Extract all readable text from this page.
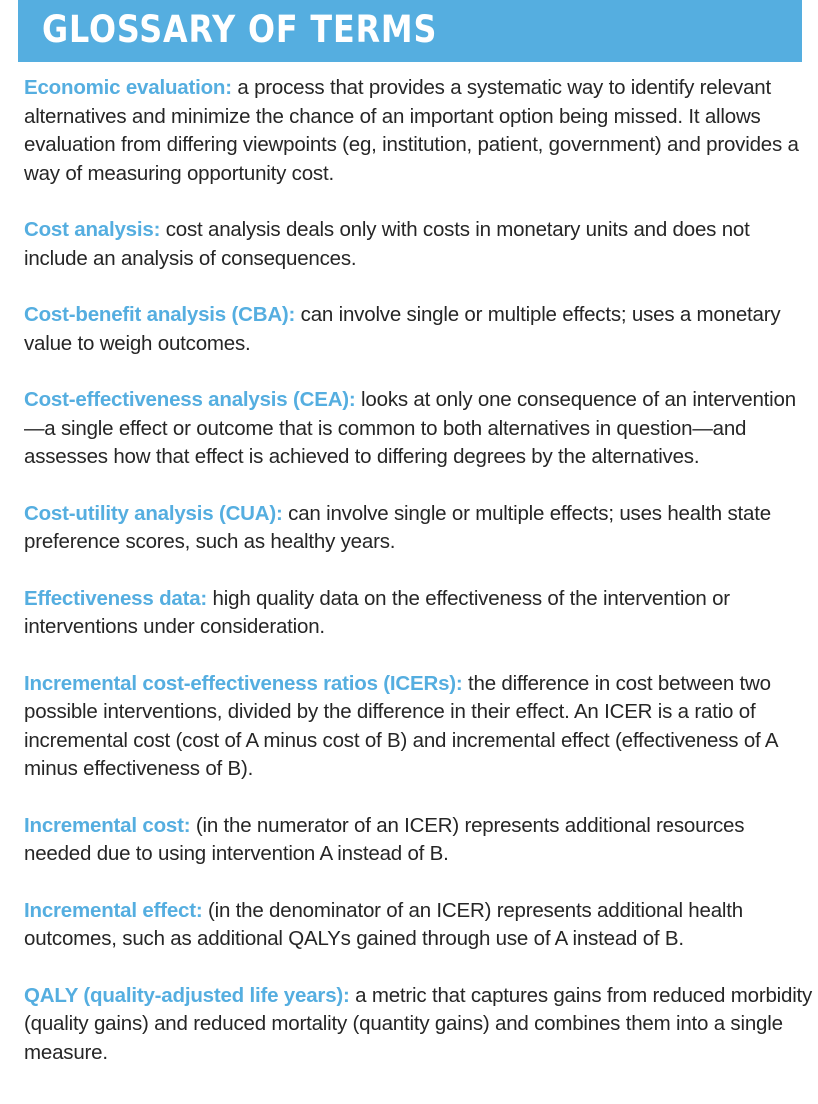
GLOSSARY OF TERMS

Economic evaluation: a process that provides a systematic way to identify relevant alternatives and minimize the chance of an important option being missed. It allows evaluation from differing viewpoints (eg, institution, patient, government) and provides a way of measuring opportunity cost.

Cost analysis: cost analysis deals only with costs in monetary units and does not include an analysis of consequences.

Cost-benefit analysis (CBA): can involve single or multiple effects; uses a monetary value to weigh outcomes.

Cost-effectiveness analysis (CEA): looks at only one consequence of an intervention—a single effect or outcome that is common to both alternatives in question—and assesses how that effect is achieved to differing degrees by the alternatives.

Cost-utility analysis (CUA): can involve single or multiple effects; uses health state preference scores, such as healthy years.

Effectiveness data: high quality data on the effectiveness of the intervention or interventions under consideration.

Incremental cost-effectiveness ratios (ICERs): the difference in cost between two possible interventions, divided by the difference in their effect. An ICER is a ratio of incremental cost (cost of A minus cost of B) and incremental effect (effectiveness of A minus effectiveness of B).

Incremental cost: (in the numerator of an ICER) represents additional resources needed due to using intervention A instead of B.

Incremental effect: (in the denominator of an ICER) represents additional health outcomes, such as additional QALYs gained through use of A instead of B.

QALY (quality-adjusted life years): a metric that captures gains from reduced morbidity (quality gains) and reduced mortality (quantity gains) and combines them into a single measure.
